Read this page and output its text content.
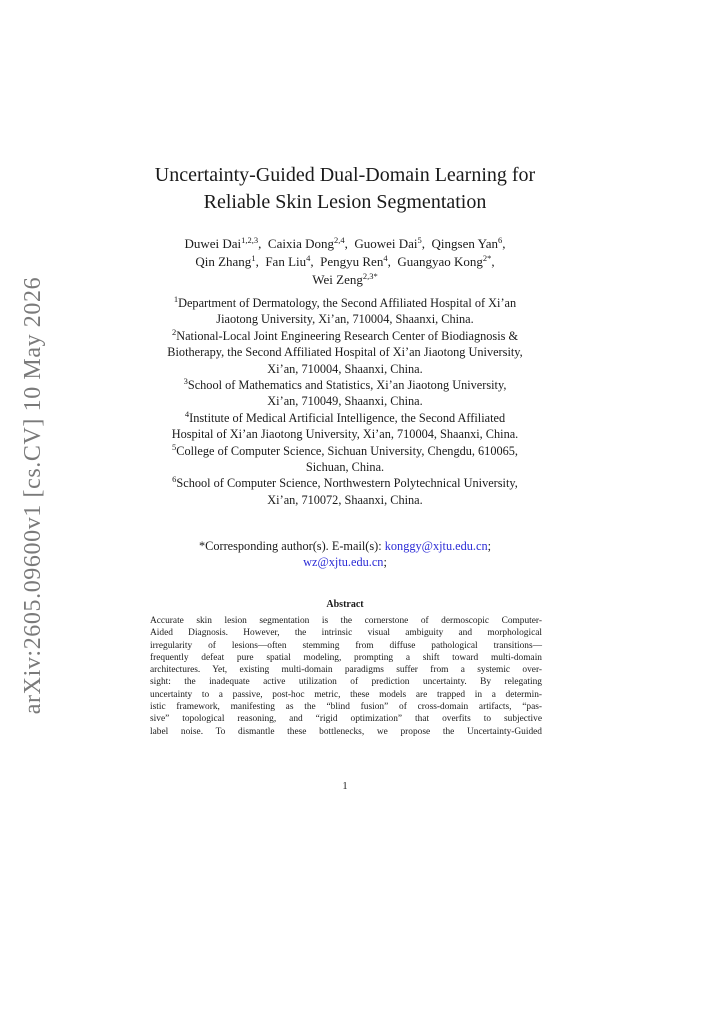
arXiv:2605.09600v1 [cs.CV] 10 May 2026
Uncertainty-Guided Dual-Domain Learning for
Reliable Skin Lesion Segmentation
Duwei Dai$^{1,2,3}$,  Caixia Dong$^{2,4}$,  Guowei Dai$^5$,  Qingsen Yan$^6$,
Qin Zhang$^1$,  Fan Liu$^4$,  Pengyu Ren$^4$,  Guangyao Kong$^{2*}$,
Wei Zeng$^{2,3*}$
$^1$Department of Dermatology, the Second Affiliated Hospital of Xi’an
Jiaotong University, Xi’an, 710004, Shaanxi, China.
$^2$National-Local Joint Engineering Research Center of Biodiagnosis &
Biotherapy, the Second Affiliated Hospital of Xi’an Jiaotong University,
Xi’an, 710004, Shaanxi, China.
$^3$School of Mathematics and Statistics, Xi’an Jiaotong University,
Xi’an, 710049, Shaanxi, China.
$^4$Institute of Medical Artificial Intelligence, the Second Affiliated
Hospital of Xi’an Jiaotong University, Xi’an, 710004, Shaanxi, China.
$^5$College of Computer Science, Sichuan University, Chengdu, 610065,
Sichuan, China.
$^6$School of Computer Science, Northwestern Polytechnical University,
Xi’an, 710072, Shaanxi, China.
*Corresponding author(s). E-mail(s): konggy@xjtu.edu.cn;
wz@xjtu.edu.cn;
Abstract
Accurate skin lesion segmentation is the cornerstone of dermoscopic Computer-
Aided Diagnosis. However, the intrinsic visual ambiguity and morphological
irregularity of lesions—often stemming from diffuse pathological transitions—
frequently defeat pure spatial modeling, prompting a shift toward multi-domain
architectures. Yet, existing multi-domain paradigms suffer from a systemic over-
sight: the inadequate active utilization of prediction uncertainty. By relegating
uncertainty to a passive, post-hoc metric, these models are trapped in a determin-
istic framework, manifesting as the “blind fusion” of cross-domain artifacts, “pas-
sive” topological reasoning, and “rigid optimization” that overfits to subjective
label noise. To dismantle these bottlenecks, we propose the Uncertainty-Guided
1
